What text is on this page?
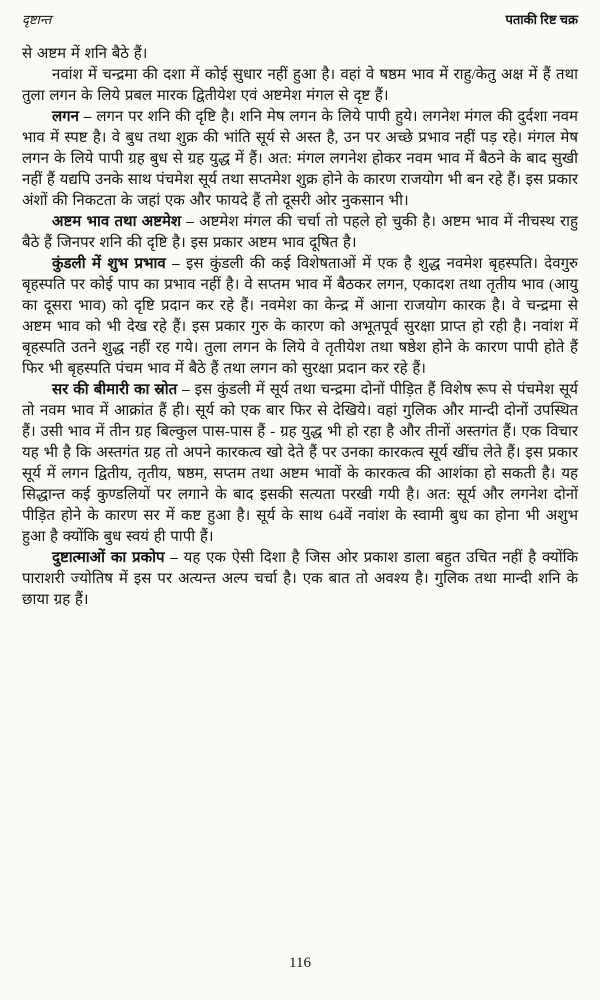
दृष्टान्त	पताकी रिष्ट चक्र

से अष्टम में शनि बैठे हैं।

नवांश में चन्द्रमा की दशा में कोई सुधार नहीं हुआ है। वहां वे षष्ठम भाव में राहु/केतु अक्ष में हैं तथा तुला लगन के लिये प्रबल मारक द्वितीयेश एवं अष्टमेश मंगल से दृष्ट हैं।

लगन – लगन पर शनि की दृष्टि है। शनि मेष लगन के लिये पापी हुये। लगनेश मंगल की दुर्दशा नवम भाव में स्पष्ट है। वे बुध तथा शुक्र की भांति सूर्य से अस्त है, उन पर अच्छे प्रभाव नहीं पड़ रहे। मंगल मेष लगन के लिये पापी ग्रह बुध से ग्रह युद्ध में हैं। अत: मंगल लगनेश होकर नवम भाव में बैठने के बाद सुखी नहीं हैं यद्यपि उनके साथ पंचमेश सूर्य तथा सप्तमेश शुक्र होने के कारण राजयोग भी बन रहे हैं। इस प्रकार अंशों की निकटता के जहां एक और फायदे हैं तो दूसरी ओर नुकसान भी।

अष्टम भाव तथा अष्टमेश – अष्टमेश मंगल की चर्चा तो पहले हो चुकी है। अष्टम भाव में नीचस्थ राहु बैठे हैं जिनपर शनि की दृष्टि है। इस प्रकार अष्टम भाव दूषित है।

कुंडली में शुभ प्रभाव – इस कुंडली की कई विशेषताओं में एक है शुद्ध नवमेश बृहस्पति। देवगुरु बृहस्पति पर कोई पाप का प्रभाव नहीं है। वे सप्तम भाव में बैठकर लगन, एकादश तथा तृतीय भाव (आयु का दूसरा भाव) को दृष्टि प्रदान कर रहे हैं। नवमेश का केन्द्र में आना राजयोग कारक है। वे चन्द्रमा से अष्टम भाव को भी देख रहे हैं। इस प्रकार गुरु के कारण को अभूतपूर्व सुरक्षा प्राप्त हो रही है। नवांश में बृहस्पति उतने शुद्ध नहीं रह गये। तुला लगन के लिये वे तृतीयेश तथा षष्ठेश होने के कारण पापी होते हैं फिर भी बृहस्पति पंचम भाव में बैठे हैं तथा लगन को सुरक्षा प्रदान कर रहे हैं।

सर की बीमारी का स्रोत – इस कुंडली में सूर्य तथा चन्द्रमा दोनों पीड़ित हैं विशेष रूप से पंचमेश सूर्य तो नवम भाव में आक्रांत हैं ही। सूर्य को एक बार फिर से देखिये। वहां गुलिक और मान्दी दोनों उपस्थित हैं। उसी भाव में तीन ग्रह बिल्कुल पास-पास हैं - ग्रह युद्ध भी हो रहा है और तीनों अस्तगंत हैं। एक विचार यह भी है कि अस्तगंत ग्रह तो अपने कारकत्व खो देते हैं पर उनका कारकत्व सूर्य खींच लेते हैं। इस प्रकार सूर्य में लगन द्वितीय, तृतीय, षष्ठम, सप्तम तथा अष्टम भावों के कारकत्व की आशंका हो सकती है। यह सिद्धान्त कई कुण्डलियों पर लगाने के बाद इसकी सत्यता परखी गयी है। अत: सूर्य और लगनेश दोनों पीड़ित होने के कारण सर में कष्ट हुआ है। सूर्य के साथ 64वें नवांश के स्वामी बुध का होना भी अशुभ हुआ है क्योंकि बुध स्वयं ही पापी हैं।

दुष्टात्माओं का प्रकोप – यह एक ऐसी दिशा है जिस ओर प्रकाश डाला बहुत उचित नहीं है क्योंकि पाराशरी ज्योतिष में इस पर अत्यन्त अल्प चर्चा है। एक बात तो अवश्य है। गुलिक तथा मान्दी शनि के छाया ग्रह हैं।

116
